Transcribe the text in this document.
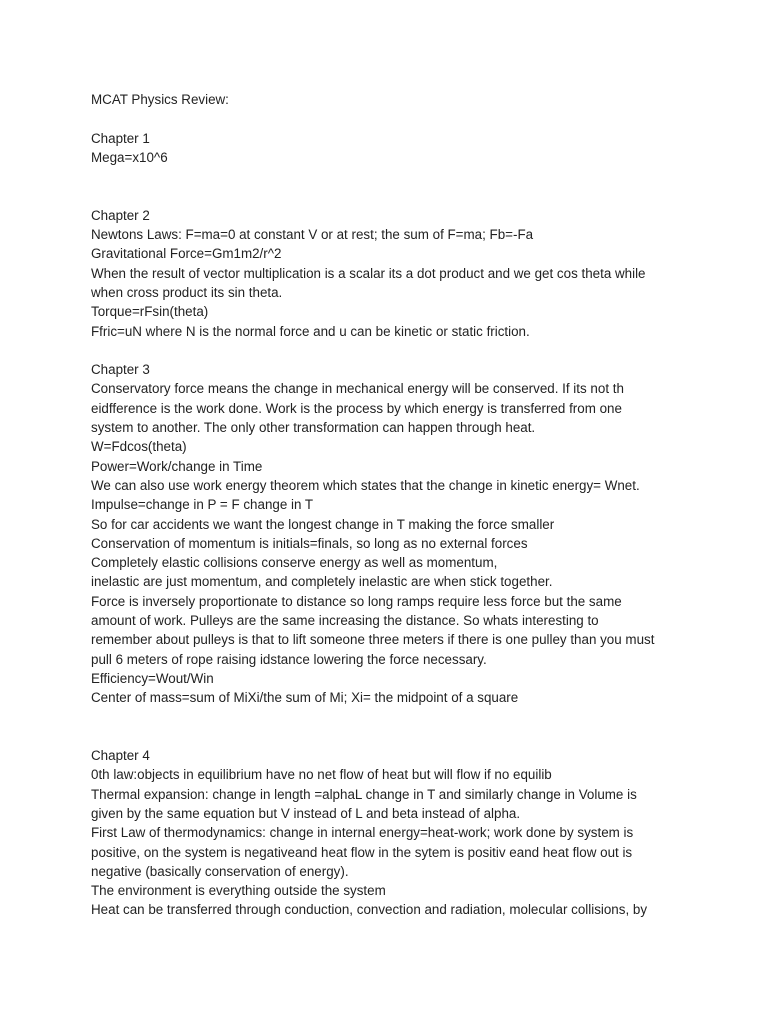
MCAT Physics Review:
Chapter 1
Mega=x10^6
Chapter 2
Newtons Laws: F=ma=0 at constant V or at rest; the sum of F=ma; Fb=-Fa
Gravitational Force=Gm1m2/r^2
When the result of vector multiplication is a scalar its a dot product and we get cos theta while
when cross product its sin theta.
Torque=rFsin(theta)
Ffric=uN where N is the normal force and u can be kinetic or static friction.
Chapter 3
Conservatory force means the change in mechanical energy will be conserved. If its not th
eidfference is the work done. Work is the process by which energy is transferred from one
system to another. The only other transformation can happen through heat.
W=Fdcos(theta)
Power=Work/change in Time
We can also use work energy theorem which states that the change in kinetic energy= Wnet.
Impulse=change in P = F change in T
So for car accidents we want the longest change in T making the force smaller
Conservation of momentum is initials=finals, so long as no external forces
Completely elastic collisions conserve energy as well as momentum,
inelastic are just momentum, and completely inelastic are when stick together.
Force is inversely proportionate to distance so long ramps require less force but the same
amount of work. Pulleys are the same increasing the distance. So whats interesting to
remember about pulleys is that to lift someone three meters if there is one pulley than you must
pull 6 meters of rope raising idstance lowering the force necessary.
Efficiency=Wout/Win
Center of mass=sum of MiXi/the sum of Mi; Xi= the midpoint of a square
Chapter 4
0th law:objects in equilibrium have no net flow of heat but will flow if no equilib
Thermal expansion: change in length =alphaL change in T and similarly change in Volume is
given by the same equation but V instead of L and beta instead of alpha.
First Law of thermodynamics: change in internal energy=heat-work; work done by system is
positive, on the system is negativeand heat flow in the sytem is positiv eand heat flow out is
negative (basically conservation of energy).
The environment is everything outside the system
Heat can be transferred through conduction, convection and radiation, molecular collisions, by
